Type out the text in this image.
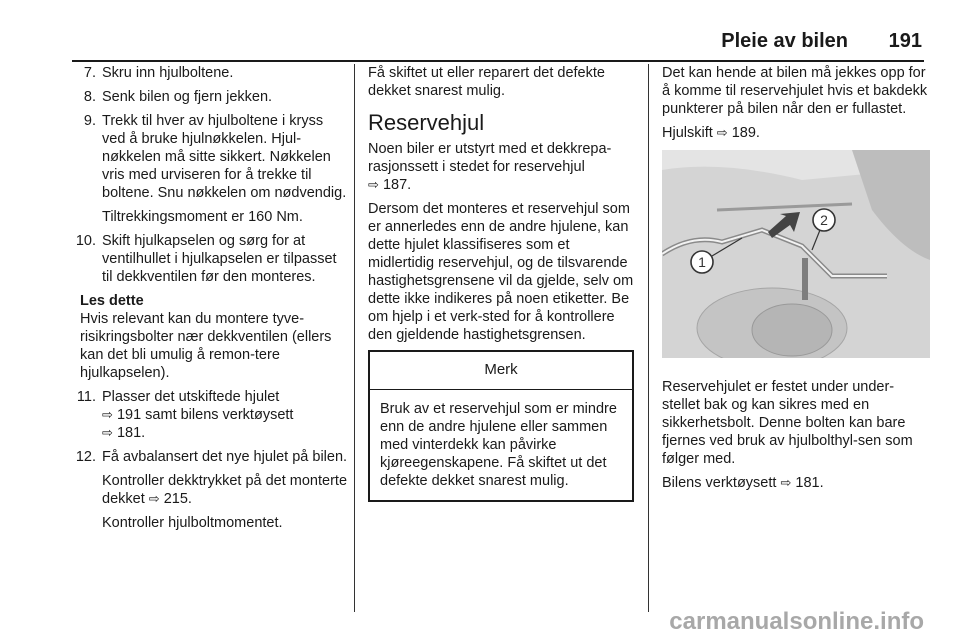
Pleie av bilen 191
7. Skru inn hjulboltene.
8. Senk bilen og fjern jekken.
9. Trekk til hver av hjulboltene i kryss ved å bruke hjulnøkkelen. Hjul-nøkkelen må sitte sikkert. Nøkkelen vris med urviseren for å trekke til boltene. Snu nøkkelen om nødvendig.
Tiltrekkingsmoment er 160 Nm.
10. Skift hjulkapselen og sørg for at ventilhullet i hjulkapselen er tilpasset til dekkventilen før den monteres.
Les dette
Hvis relevant kan du montere tyve-risikringsbolter nær dekkventilen (ellers kan det bli umulig å remon-tere hjulkapselen).
11. Plasser det utskiftede hjulet
⇨ 191 samt bilens verktøysett
⇨ 181.
12. Få avbalansert det nye hjulet på bilen.
Kontroller dekktrykket på det monterte dekket ⇨ 215.
Kontroller hjulboltmomentet.

Få skiftet ut eller reparert det defekte dekket snarest mulig.

Reservehjul

Noen biler er utstyrt med et dekkrepa-rasjonssett i stedet for reservehjul
⇨ 187.

Dersom det monteres et reservehjul som er annerledes enn de andre hjulene, kan dette hjulet klassifiseres som et midlertidig reservehjul, og de tilsvarende hastighetsgrensene vil da gjelde, selv om dette ikke indikeres på noen etiketter. Be om hjelp i et verk-sted for å kontrollere den gjeldende hastighetsgrensen.

Merk
Bruk av et reservehjul som er mindre enn de andre hjulene eller sammen med vinterdekk kan påvirke kjøreegenskapene. Få skiftet ut det defekte dekket snarest mulig.

Det kan hende at bilen må jekkes opp for å komme til reservehjulet hvis et bakdekk punkterer på bilen når den er fullastet.

Hjulskift ⇨ 189.

1
2

Reservehjulet er festet under under-stellet bak og kan sikres med en sikkerhetsbolt. Denne bolten kan bare fjernes ved bruk av hjulbolthyl-sen som følger med.

Bilens verktøysett ⇨ 181.

carmanualsonline.info
